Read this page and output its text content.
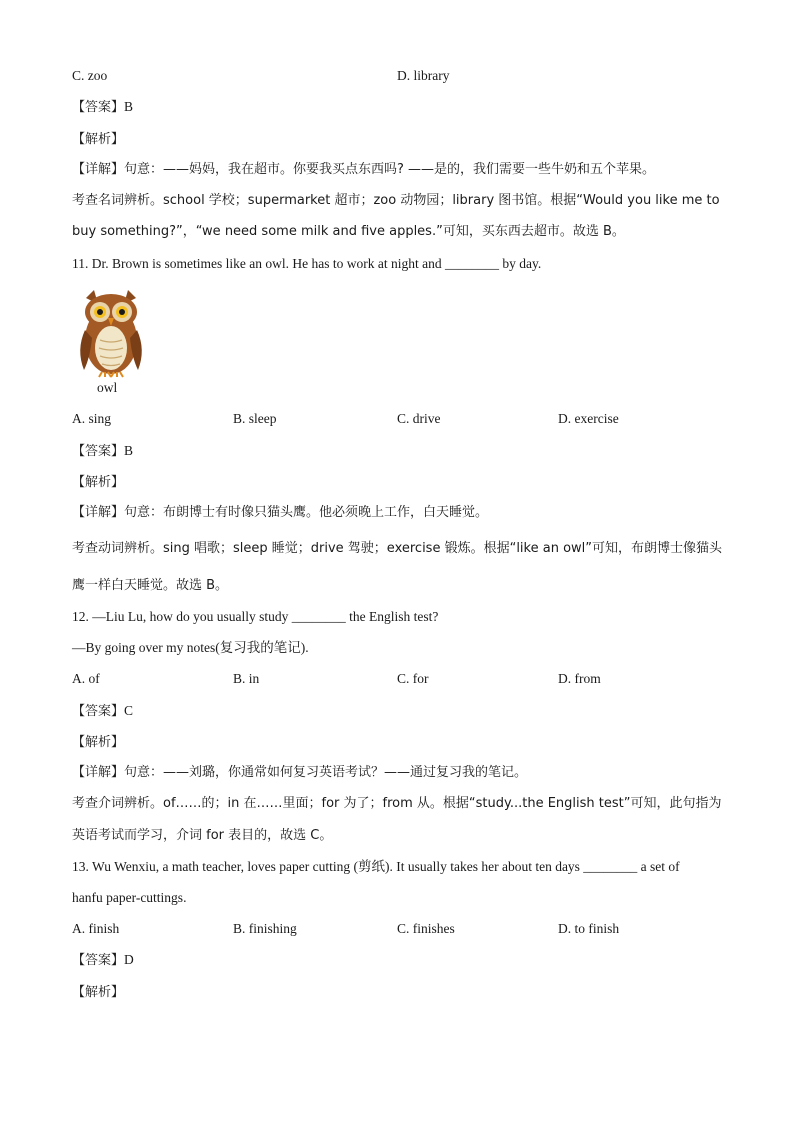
C. zoo	D. library
【答案】B
【解析】
【详解】句意：——妈妈，我在超市。你要我买点东西吗? ——是的，我们需要一些牛奶和五个苹果。
考查名词辨析。school 学校；supermarket 超市；zoo 动物园；library 图书馆。根据“Would you like me to
buy something?”，“we need some milk and five apples.”可知，买东西去超市。故选 B。
11. Dr. Brown is sometimes like an owl. He has to work at night and ________ by day.
owl
A. sing	B. sleep	C. drive	D. exercise
【答案】B
【解析】
【详解】句意：布朗博士有时像只猫头鹰。他必须晚上工作，白天睡觉。
考查动词辨析。sing 唱歌；sleep 睡觉；drive 驾驶；exercise 锻炼。根据“like an owl”可知，布朗博士像猫头
鹰一样白天睡觉。故选 B。
12. —Liu Lu, how do you usually study ________ the English test?
—By going over my notes(复习我的笔记).
A. of	B. in	C. for	D. from
【答案】C
【解析】
【详解】句意：——刘璐，你通常如何复习英语考试？——通过复习我的笔记。
考查介词辨析。of……的；in 在……里面；for 为了；from 从。根据“study...the English test”可知，此句指为
英语考试而学习，介词 for 表目的，故选 C。
13. Wu Wenxiu, a math teacher, loves paper cutting (剪纸). It usually takes her about ten days ________ a set of
hanfu paper-cuttings.
A. finish	B. finishing	C. finishes	D. to finish
【答案】D
【解析】
